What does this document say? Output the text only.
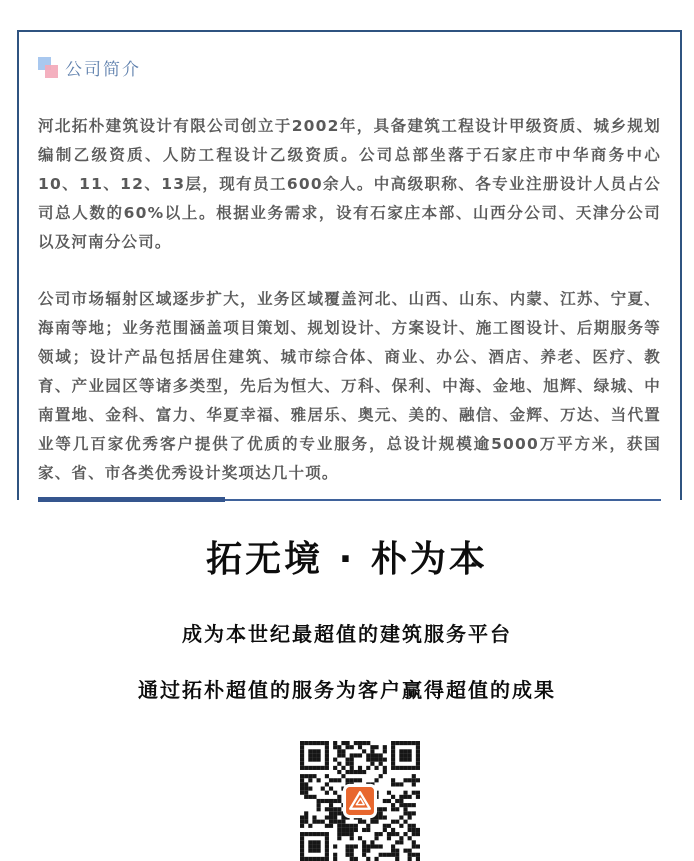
公司简介

河北拓朴建筑设计有限公司创立于2002年，具备建筑工程设计甲级资质、城乡规划编制乙级资质、人防工程设计乙级资质。公司总部坐落于石家庄市中华商务中心10、11、12、13层，现有员工600余人。中高级职称、各专业注册设计人员占公司总人数的60%以上。根据业务需求，设有石家庄本部、山西分公司、天津分公司以及河南分公司。

公司市场辐射区域逐步扩大，业务区域覆盖河北、山西、山东、内蒙、江苏、宁夏、海南等地；业务范围涵盖项目策划、规划设计、方案设计、施工图设计、后期服务等领域；设计产品包括居住建筑、城市综合体、商业、办公、酒店、养老、医疗、教育、产业园区等诸多类型，先后为恒大、万科、保利、中海、金地、旭辉、绿城、中南置地、金科、富力、华夏幸福、雅居乐、奥元、美的、融信、金辉、万达、当代置业等几百家优秀客户提供了优质的专业服务，总设计规模逾5000万平方米，获国家、省、市各类优秀设计奖项达几十项。

拓无境 · 朴为本

成为本世纪最超值的建筑服务平台

通过拓朴超值的服务为客户赢得超值的成果
